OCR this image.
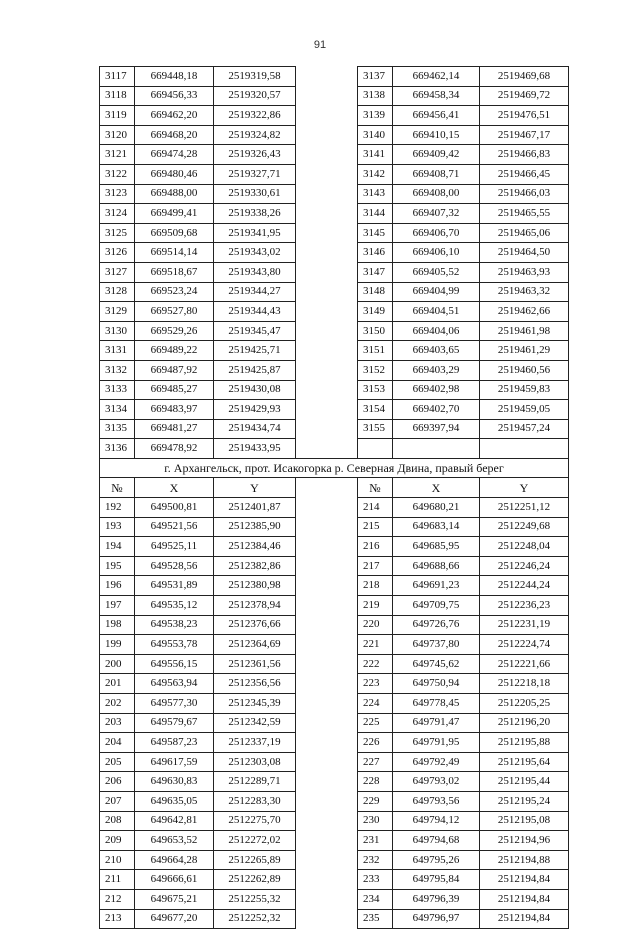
91
3117	669448,18	2519319,58		3137	669462,14	2519469,68
3118	669456,33	2519320,57		3138	669458,34	2519469,72
3119	669462,20	2519322,86		3139	669456,41	2519476,51
3120	669468,20	2519324,82		3140	669410,15	2519467,17
3121	669474,28	2519326,43		3141	669409,42	2519466,83
3122	669480,46	2519327,71		3142	669408,71	2519466,45
3123	669488,00	2519330,61		3143	669408,00	2519466,03
3124	669499,41	2519338,26		3144	669407,32	2519465,55
3125	669509,68	2519341,95		3145	669406,70	2519465,06
3126	669514,14	2519343,02		3146	669406,10	2519464,50
3127	669518,67	2519343,80		3147	669405,52	2519463,93
3128	669523,24	2519344,27		3148	669404,99	2519463,32
3129	669527,80	2519344,43		3149	669404,51	2519462,66
3130	669529,26	2519345,47		3150	669404,06	2519461,98
3131	669489,22	2519425,71		3151	669403,65	2519461,29
3132	669487,92	2519425,87		3152	669403,29	2519460,56
3133	669485,27	2519430,08		3153	669402,98	2519459,83
3134	669483,97	2519429,93		3154	669402,70	2519459,05
3135	669481,27	2519434,74		3155	669397,94	2519457,24
3136	669478,92	2519433,95				
г. Архангельск, прот. Исакогорка р. Северная Двина, правый берег						
№	X	Y		№	X	Y
192	649500,81	2512401,87		214	649680,21	2512251,12
193	649521,56	2512385,90		215	649683,14	2512249,68
194	649525,11	2512384,46		216	649685,95	2512248,04
195	649528,56	2512382,86		217	649688,66	2512246,24
196	649531,89	2512380,98		218	649691,23	2512244,24
197	649535,12	2512378,94		219	649709,75	2512236,23
198	649538,23	2512376,66		220	649726,76	2512231,19
199	649553,78	2512364,69		221	649737,80	2512224,74
200	649556,15	2512361,56		222	649745,62	2512221,66
201	649563,94	2512356,56		223	649750,94	2512218,18
202	649577,30	2512345,39		224	649778,45	2512205,25
203	649579,67	2512342,59		225	649791,47	2512196,20
204	649587,23	2512337,19		226	649791,95	2512195,88
205	649617,59	2512303,08		227	649792,49	2512195,64
206	649630,83	2512289,71		228	649793,02	2512195,44
207	649635,05	2512283,30		229	649793,56	2512195,24
208	649642,81	2512275,70		230	649794,12	2512195,08
209	649653,52	2512272,02		231	649794,68	2512194,96
210	649664,28	2512265,89		232	649795,26	2512194,88
211	649666,61	2512262,89		233	649795,84	2512194,84
212	649675,21	2512255,32		234	649796,39	2512194,84
213	649677,20	2512252,32		235	649796,97	2512194,84
